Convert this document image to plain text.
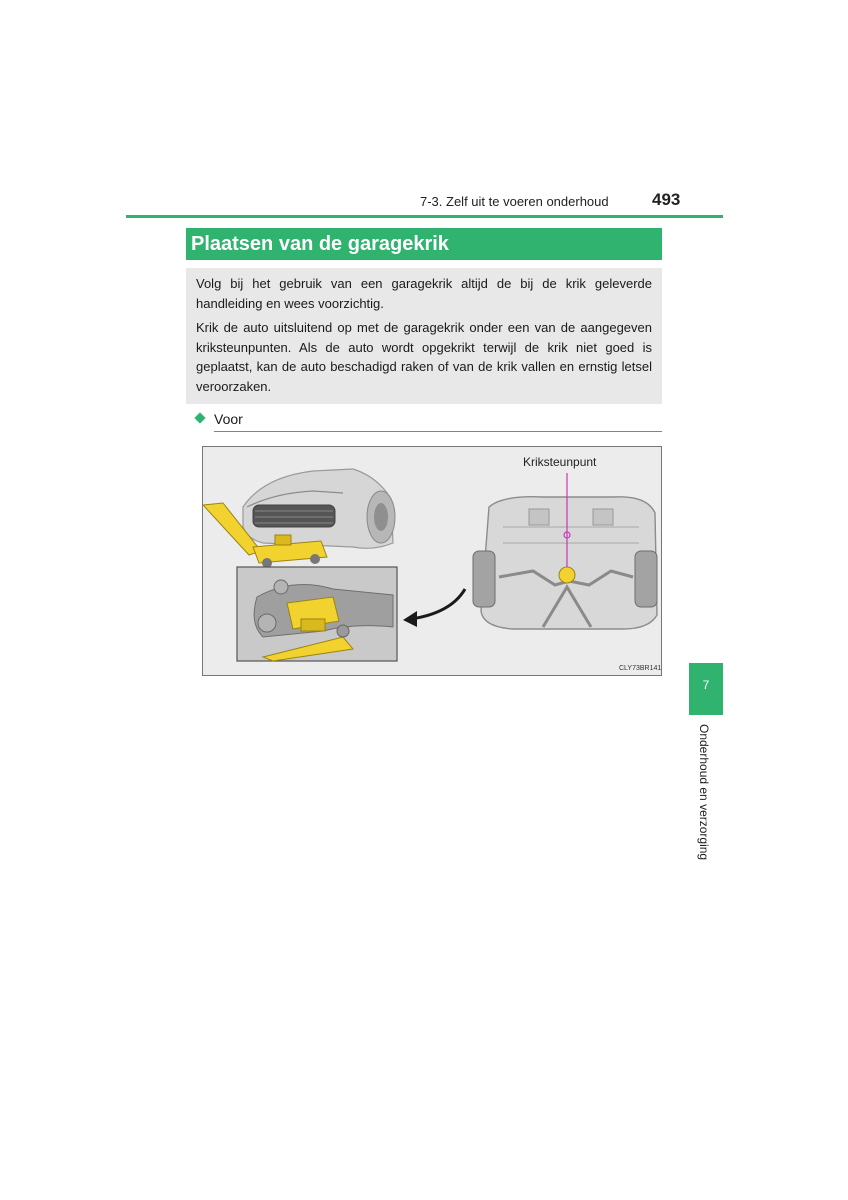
7-3. Zelf uit te voeren onderhoud	493
Plaatsen van de garagekrik

Volg bij het gebruik van een garagekrik altijd de bij de krik geleverde handleiding en wees voorzichtig.

Krik de auto uitsluitend op met de garagekrik onder een van de aangegeven kriksteunpunten. Als de auto wordt opgekrikt terwijl de krik niet goed is geplaatst, kan de auto beschadigd raken of van de krik vallen en ernstig letsel veroorzaken.

Voor
Kriksteunpunt
CLY73BR141
7
Onderhoud en verzorging
